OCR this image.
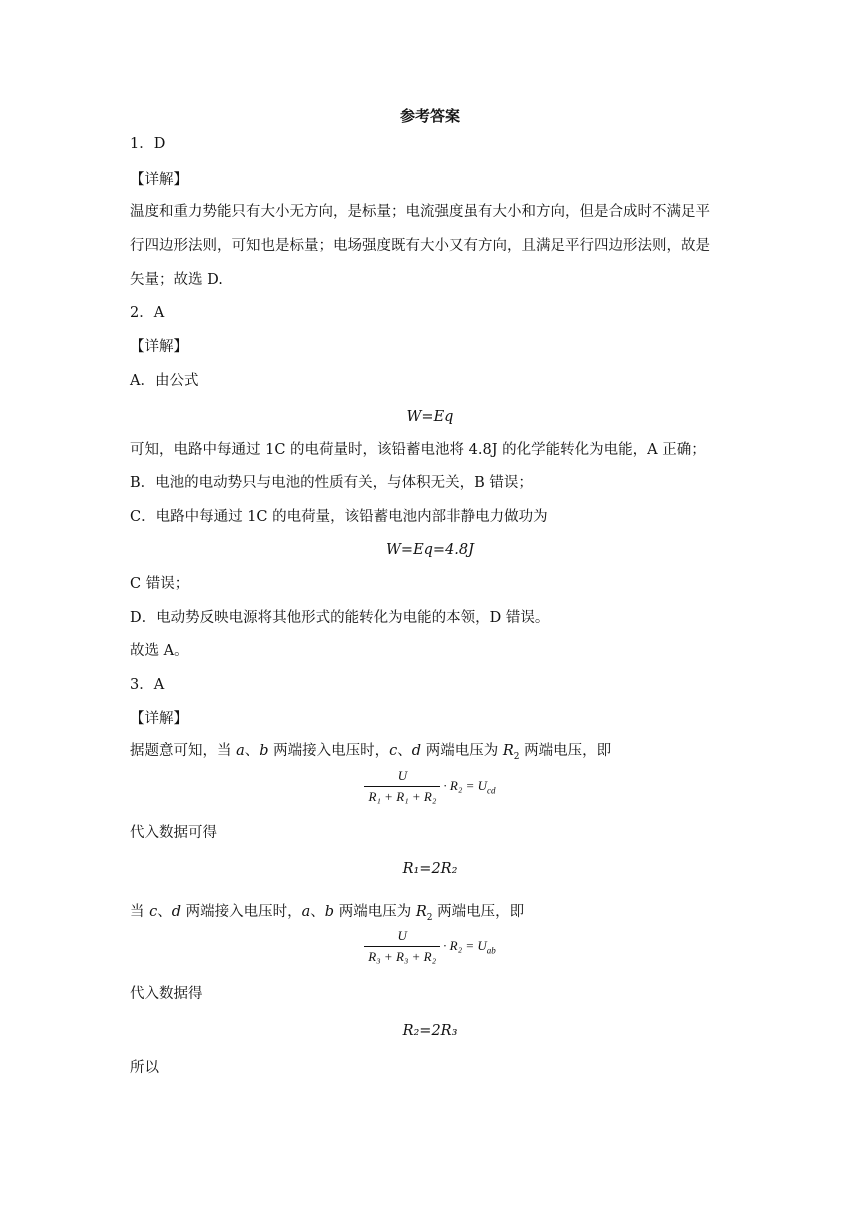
参考答案
1．D
【详解】
温度和重力势能只有大小无方向，是标量；电流强度虽有大小和方向，但是合成时不满足平
行四边形法则，可知也是标量；电场强度既有大小又有方向，且满足平行四边形法则，故是
矢量；故选 D.
2．A
【详解】
A．由公式
W=Eq
可知，电路中每通过 1C 的电荷量时，该铅蓄电池将 4.8J 的化学能转化为电能，A 正确；
B．电池的电动势只与电池的性质有关，与体积无关，B 错误；
C．电路中每通过 1C 的电荷量，该铅蓄电池内部非静电力做功为
W=Eq=4.8J
C 错误；
D．电动势反映电源将其他形式的能转化为电能的本领，D 错误。
故选 A。
3．A
【详解】
据题意可知，当 a、b 两端接入电压时，c、d 两端电压为 $R_2$ 两端电压，即
$\frac{U}{\text{R₁ + R₁ + R₂}} \cdot R_2 = U_{cd}$
代入数据可得
R₁=2R₂
当 c、d 两端接入电压时，a、b 两端电压为 $R_2$ 两端电压，即
$\frac{U}{\text{R₃ + R₃ + R₂}} \cdot R_2 = U_{ab}$
代入数据得
R₂=2R₃
所以
